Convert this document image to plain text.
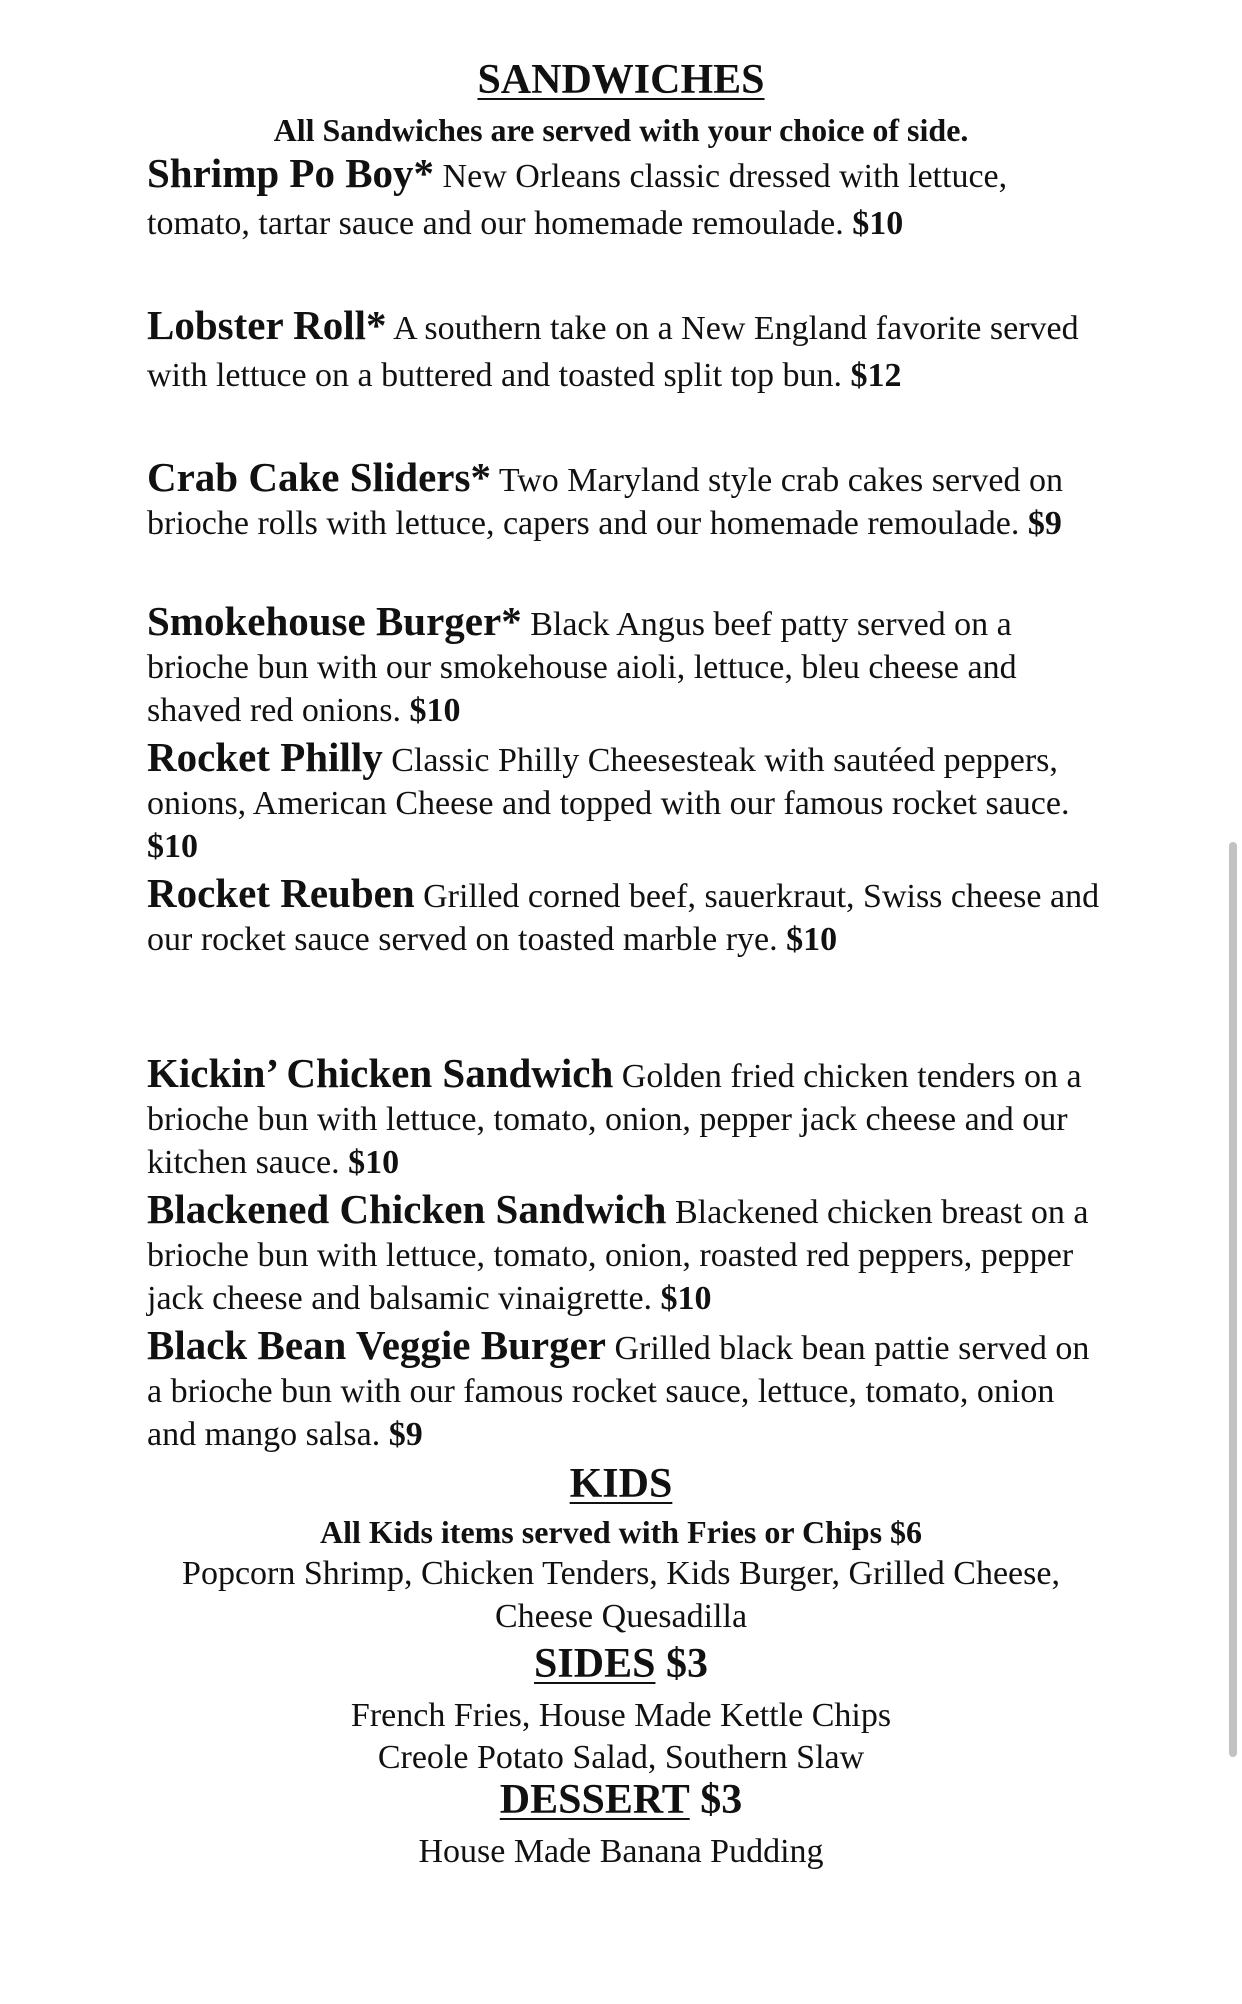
SANDWICHES
All Sandwiches are served with your choice of side.

Shrimp Po Boy* New Orleans classic dressed with lettuce, tomato, tartar sauce and our homemade remoulade. $10

Lobster Roll* A southern take on a New England favorite served with lettuce on a buttered and toasted split top bun. $12

Crab Cake Sliders* Two Maryland style crab cakes served on brioche rolls with lettuce, capers and our homemade remoulade. $9

Smokehouse Burger* Black Angus beef patty served on a brioche bun with our smokehouse aioli, lettuce, bleu cheese and shaved red onions. $10

Rocket Philly Classic Philly Cheesesteak with sautéed peppers, onions, American Cheese and topped with our famous rocket sauce. $10

Rocket Reuben Grilled corned beef, sauerkraut, Swiss cheese and our rocket sauce served on toasted marble rye. $10

Kickin’ Chicken Sandwich Golden fried chicken tenders on a brioche bun with lettuce, tomato, onion, pepper jack cheese and our kitchen sauce. $10

Blackened Chicken Sandwich Blackened chicken breast on a brioche bun with lettuce, tomato, onion, roasted red peppers, pepper jack cheese and balsamic vinaigrette. $10

Black Bean Veggie Burger Grilled black bean pattie served on a brioche bun with our famous rocket sauce, lettuce, tomato, onion and mango salsa. $9

KIDS
All Kids items served with Fries or Chips $6
Popcorn Shrimp, Chicken Tenders, Kids Burger, Grilled Cheese,
Cheese Quesadilla
SIDES $3
French Fries, House Made Kettle Chips
Creole Potato Salad, Southern Slaw
DESSERT $3
House Made Banana Pudding
